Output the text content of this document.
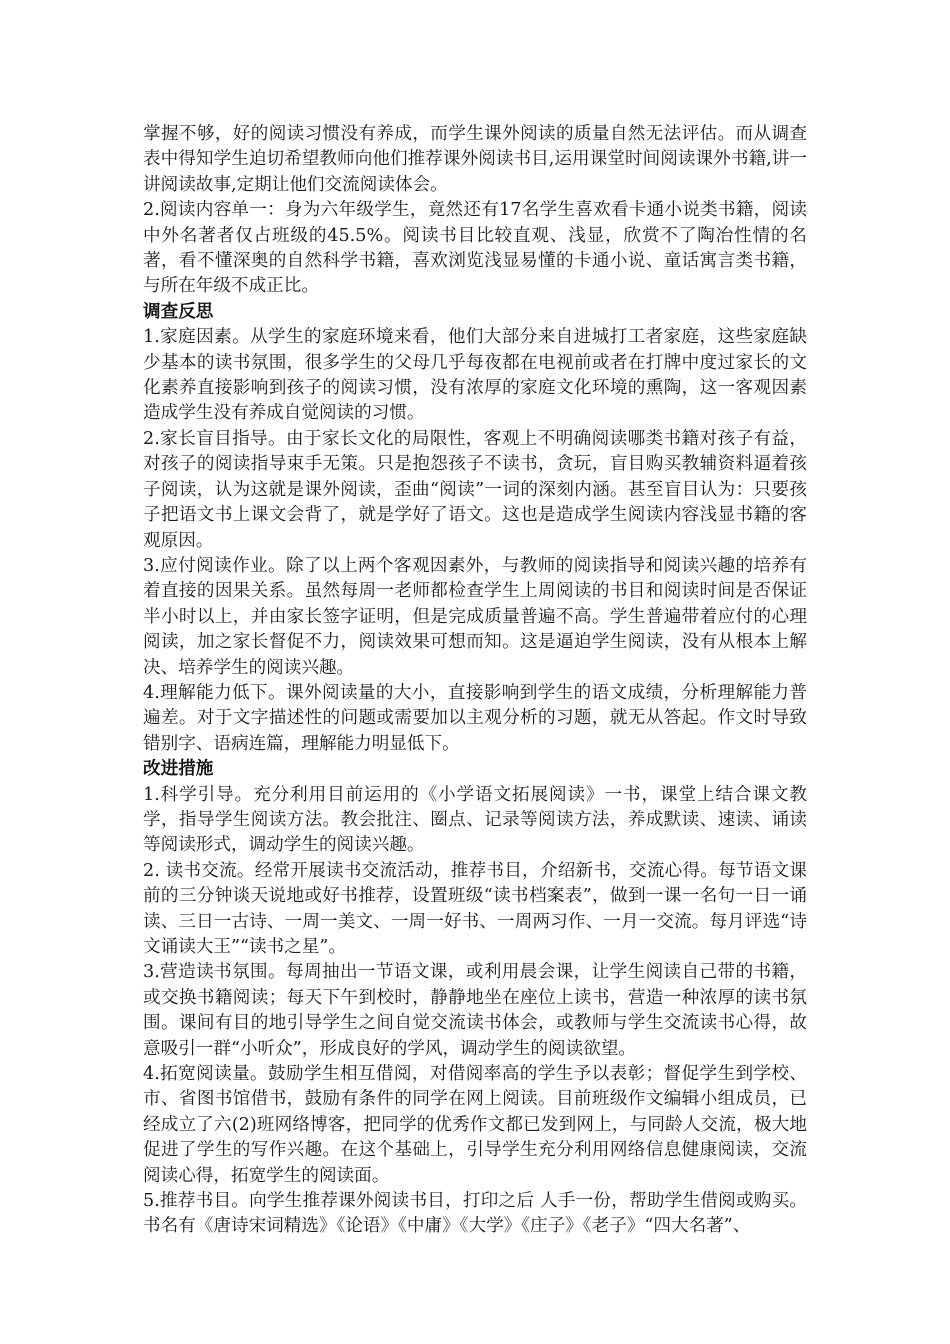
掌握不够，好的阅读习惯没有养成，而学生课外阅读的质量自然无法评估。而从调查表中得知学生迫切希望教师向他们推荐课外阅读书目,运用课堂时间阅读课外书籍,讲一讲阅读故事,定期让他们交流阅读体会。

2.阅读内容单一：身为六年级学生，竟然还有17名学生喜欢看卡通小说类书籍，阅读中外名著者仅占班级的45.5%。阅读书目比较直观、浅显，欣赏不了陶冶性情的名著，看不懂深奥的自然科学书籍，喜欢浏览浅显易懂的卡通小说、童话寓言类书籍，与所在年级不成正比。

调查反思

1.家庭因素。从学生的家庭环境来看，他们大部分来自进城打工者家庭，这些家庭缺少基本的读书氛围，很多学生的父母几乎每夜都在电视前或者在打牌中度过家长的文化素养直接影响到孩子的阅读习惯，没有浓厚的家庭文化环境的熏陶，这一客观因素造成学生没有养成自觉阅读的习惯。

2.家长盲目指导。由于家长文化的局限性，客观上不明确阅读哪类书籍对孩子有益，对孩子的阅读指导束手无策。只是抱怨孩子不读书，贪玩，盲目购买教辅资料逼着孩子阅读，认为这就是课外阅读，歪曲“阅读”一词的深刻内涵。甚至盲目认为：只要孩子把语文书上课文会背了，就是学好了语文。这也是造成学生阅读内容浅显书籍的客观原因。

3.应付阅读作业。除了以上两个客观因素外，与教师的阅读指导和阅读兴趣的培养有着直接的因果关系。虽然每周一老师都检查学生上周阅读的书目和阅读时间是否保证半小时以上，并由家长签字证明，但是完成质量普遍不高。学生普遍带着应付的心理阅读，加之家长督促不力，阅读效果可想而知。这是逼迫学生阅读，没有从根本上解决、培养学生的阅读兴趣。

4.理解能力低下。课外阅读量的大小，直接影响到学生的语文成绩，分析理解能力普遍差。对于文字描述性的问题或需要加以主观分析的习题，就无从答起。作文时导致错别字、语病连篇，理解能力明显低下。

改进措施

1.科学引导。充分利用目前运用的《小学语文拓展阅读》一书，课堂上结合课文教学，指导学生阅读方法。教会批注、圈点、记录等阅读方法，养成默读、速读、诵读等阅读形式，调动学生的阅读兴趣。

2. 读书交流。经常开展读书交流活动，推荐书目，介绍新书，交流心得。每节语文课前的三分钟谈天说地或好书推荐，设置班级“读书档案表”，做到一课一名句一日一诵读、三日一古诗、一周一美文、一周一好书、一周两习作、一月一交流。每月评选“诗文诵读大王”“读书之星”。

3.营造读书氛围。每周抽出一节语文课，或利用晨会课，让学生阅读自己带的书籍，或交换书籍阅读；每天下午到校时，静静地坐在座位上读书，营造一种浓厚的读书氛围。课间有目的地引导学生之间自觉交流读书体会，或教师与学生交流读书心得，故意吸引一群“小听众”，形成良好的学风，调动学生的阅读欲望。

4.拓宽阅读量。鼓励学生相互借阅，对借阅率高的学生予以表彰；督促学生到学校、市、省图书馆借书，鼓励有条件的同学在网上阅读。目前班级作文编辑小组成员，已经成立了六(2)班网络博客，把同学的优秀作文都已发到网上，与同龄人交流，极大地促进了学生的写作兴趣。在这个基础上，引导学生充分利用网络信息健康阅读，交流阅读心得，拓宽学生的阅读面。

5.推荐书目。向学生推荐课外阅读书目，打印之后 人手一份，帮助学生借阅或购买。书名有《唐诗宋词精选》《论语》《中庸》《大学》《庄子》《老子》“四大名著”、
